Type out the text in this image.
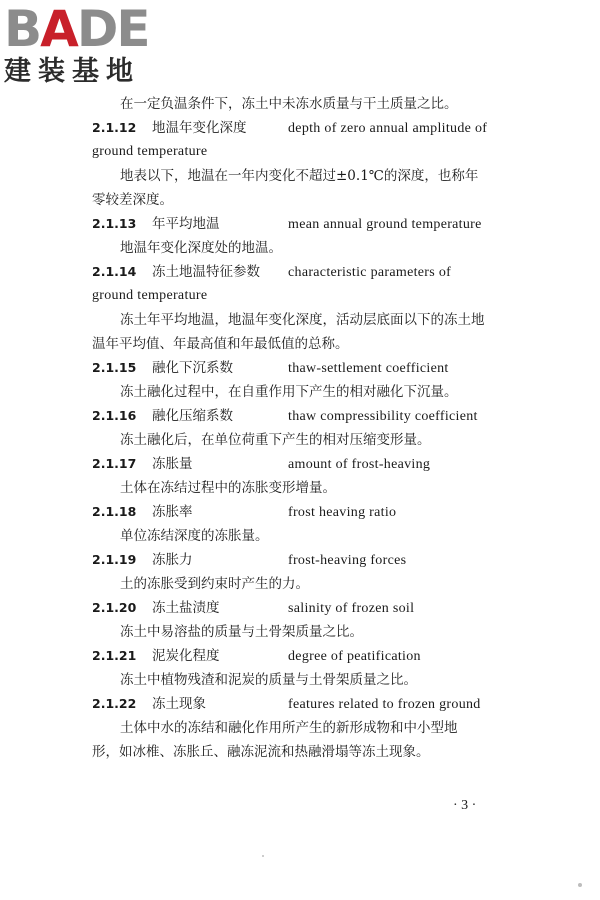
BADE
建装基地
在一定负温条件下，冻土中未冻水质量与干土质量之比。
2.1.12 地温年变化深度	depth of zero annual amplitude of
ground temperature
地表以下，地温在一年内变化不超过±0.1℃的深度，也称年
零较差深度。
2.1.13 年平均地温	mean annual ground temperature
地温年变化深度处的地温。
2.1.14 冻土地温特征参数 characteristic parameters of
ground temperature
冻土年平均地温，地温年变化深度，活动层底面以下的冻土地
温年平均值、年最高值和年最低值的总称。
2.1.15 融化下沉系数	thaw-settlement coefficient
冻土融化过程中，在自重作用下产生的相对融化下沉量。
2.1.16 融化压缩系数	thaw compressibility coefficient
冻土融化后，在单位荷重下产生的相对压缩变形量。
2.1.17 冻胀量	amount of frost-heaving
土体在冻结过程中的冻胀变形增量。
2.1.18 冻胀率	frost heaving ratio
单位冻结深度的冻胀量。
2.1.19 冻胀力	frost-heaving forces
土的冻胀受到约束时产生的力。
2.1.20 冻土盐渍度	salinity of frozen soil
冻土中易溶盐的质量与土骨架质量之比。
2.1.21 泥炭化程度	degree of peatification
冻土中植物残渣和泥炭的质量与土骨架质量之比。
2.1.22 冻土现象	features related to frozen ground
土体中水的冻结和融化作用所产生的新形成物和中小型地
形，如冰椎、冻胀丘、融冻泥流和热融滑塌等冻土现象。
· 3 ·
